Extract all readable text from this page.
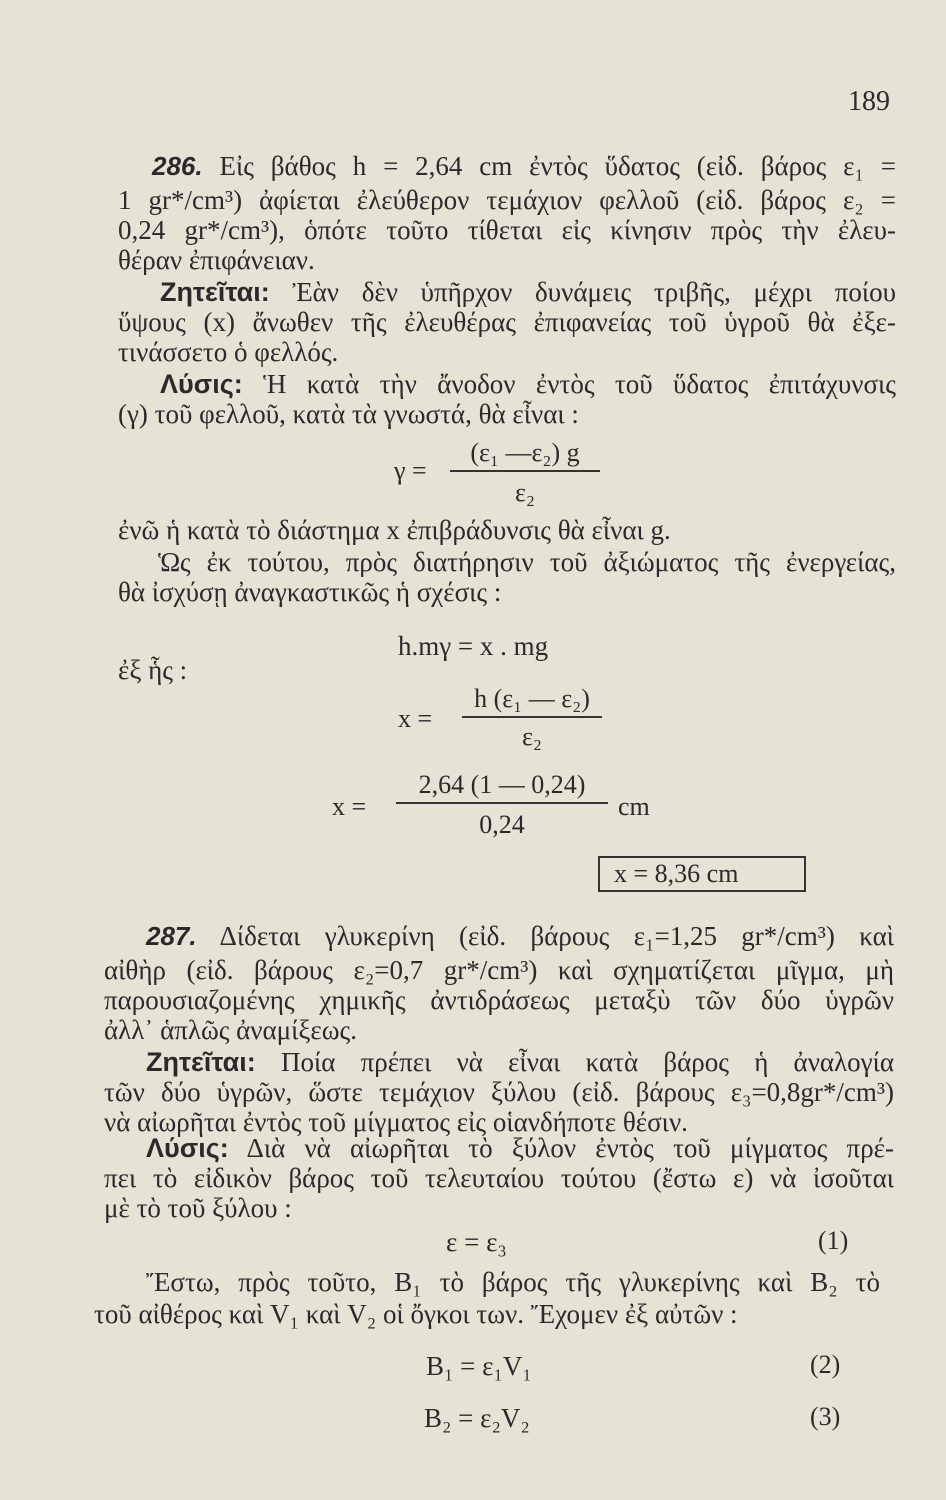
189
286. Εἰς βάθος h = 2,64 cm ἐντὸς ὕδατος (εἰδ. βάρος ε₁ =
1 gr*/cm³) ἀφίεται ἐλεύθερον τεμάχιον φελλοῦ (εἰδ. βάρος ε₂ =
0,24 gr*/cm³), ὁπότε τοῦτο τίθεται εἰς κίνησιν πρὸς τὴν ἐλευ-
θέραν ἐπιφάνειαν.
Ζητεῖται: Ἐὰν δὲν ὑπῆρχον δυνάμεις τριβῆς, μέχρι ποίου
ὕψους (x) ἄνωθεν τῆς ἐλευθέρας ἐπιφανείας τοῦ ὑγροῦ θὰ ἐξε-
τινάσσετο ὁ φελλός.
Λύσις: Ἡ κατὰ τὴν ἄνοδον ἐντὸς τοῦ ὕδατος ἐπιτάχυνσις
(γ) τοῦ φελλοῦ, κατὰ τὰ γνωστά, θὰ εἶναι :
γ =
(ε₁ —ε₂) g
ε₂
ἐνῶ ἡ κατὰ τὸ διάστημα x ἐπιβράδυνσις θὰ εἶναι g.
Ὡς ἐκ τούτου, πρὸς διατήρησιν τοῦ ἀξιώματος τῆς ἐνεργείας,
θὰ ἰσχύσῃ ἀναγκαστικῶς ἡ σχέσις :
h.mγ = x . mg
ἐξ ἧς :
x =
h (ε₁ — ε₂)
ε₂
x =
2,64 (1 — 0,24)
0,24
cm
x = 8,36 cm
287. Δίδεται γλυκερίνη (εἰδ. βάρους ε₁=1,25 gr*/cm³) καὶ
αἰθὴρ (εἰδ. βάρους ε₂=0,7 gr*/cm³) καὶ σχηματίζεται μῖγμα, μὴ
παρουσιαζομένης χημικῆς ἀντιδράσεως μεταξὺ τῶν δύο ὑγρῶν
ἀλλ᾽ ἁπλῶς ἀναμίξεως.
Ζητεῖται: Ποία πρέπει νὰ εἶναι κατὰ βάρος ἡ ἀναλογία
τῶν δύο ὑγρῶν, ὥστε τεμάχιον ξύλου (εἰδ. βάρους ε₃=0,8gr*/cm³)
νὰ αἰωρῆται ἐντὸς τοῦ μίγματος εἰς οἱανδήποτε θέσιν.
Λύσις: Διὰ νὰ αἰωρῆται τὸ ξύλον ἐντὸς τοῦ μίγματος πρέ-
πει τὸ εἰδικὸν βάρος τοῦ τελευταίου τούτου (ἔστω ε) νὰ ἰσοῦται
μὲ τὸ τοῦ ξύλου :
ε = ε₃	(1)
Ἔστω, πρὸς τοῦτο, B₁ τὸ βάρος τῆς γλυκερίνης καὶ B₂ τὸ
τοῦ αἰθέρος καὶ V₁ καὶ V₂ οἱ ὄγκοι των. Ἔχομεν ἐξ αὐτῶν :
B₁ = ε₁V₁	(2)
B₂ = ε₂V₂	(3)
